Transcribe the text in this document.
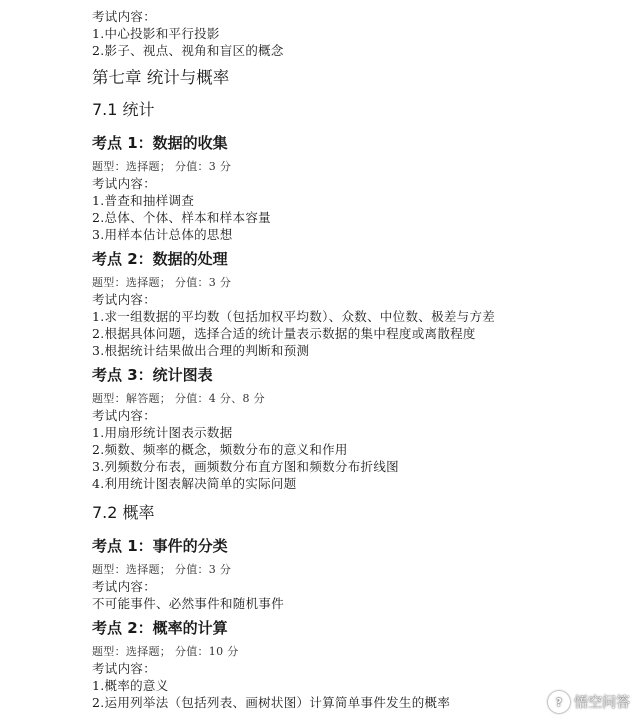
考试内容：
1.中心投影和平行投影
2.影子、视点、视角和盲区的概念
第七章 统计与概率
7.1 统计
考点 1：数据的收集
题型：选择题； 分值：3 分
考试内容：
1.普查和抽样调查
2.总体、个体、样本和样本容量
3.用样本估计总体的思想
考点 2：数据的处理
题型：选择题； 分值：3 分
考试内容：
1.求一组数据的平均数（包括加权平均数）、众数、中位数、极差与方差
2.根据具体问题，选择合适的统计量表示数据的集中程度或离散程度
3.根据统计结果做出合理的判断和预测
考点 3：统计图表
题型：解答题； 分值：4 分、8 分
考试内容：
1.用扇形统计图表示数据
2.频数、频率的概念，频数分布的意义和作用
3.列频数分布表，画频数分布直方图和频数分布折线图
4.利用统计图表解决简单的实际问题
7.2 概率
考点 1：事件的分类
题型：选择题； 分值：3 分
考试内容：
不可能事件、必然事件和随机事件
考点 2：概率的计算
题型：选择题； 分值：10 分
考试内容：
1.概率的意义
2.运用列举法（包括列表、画树状图）计算简单事件发生的概率	? 悟空问答
